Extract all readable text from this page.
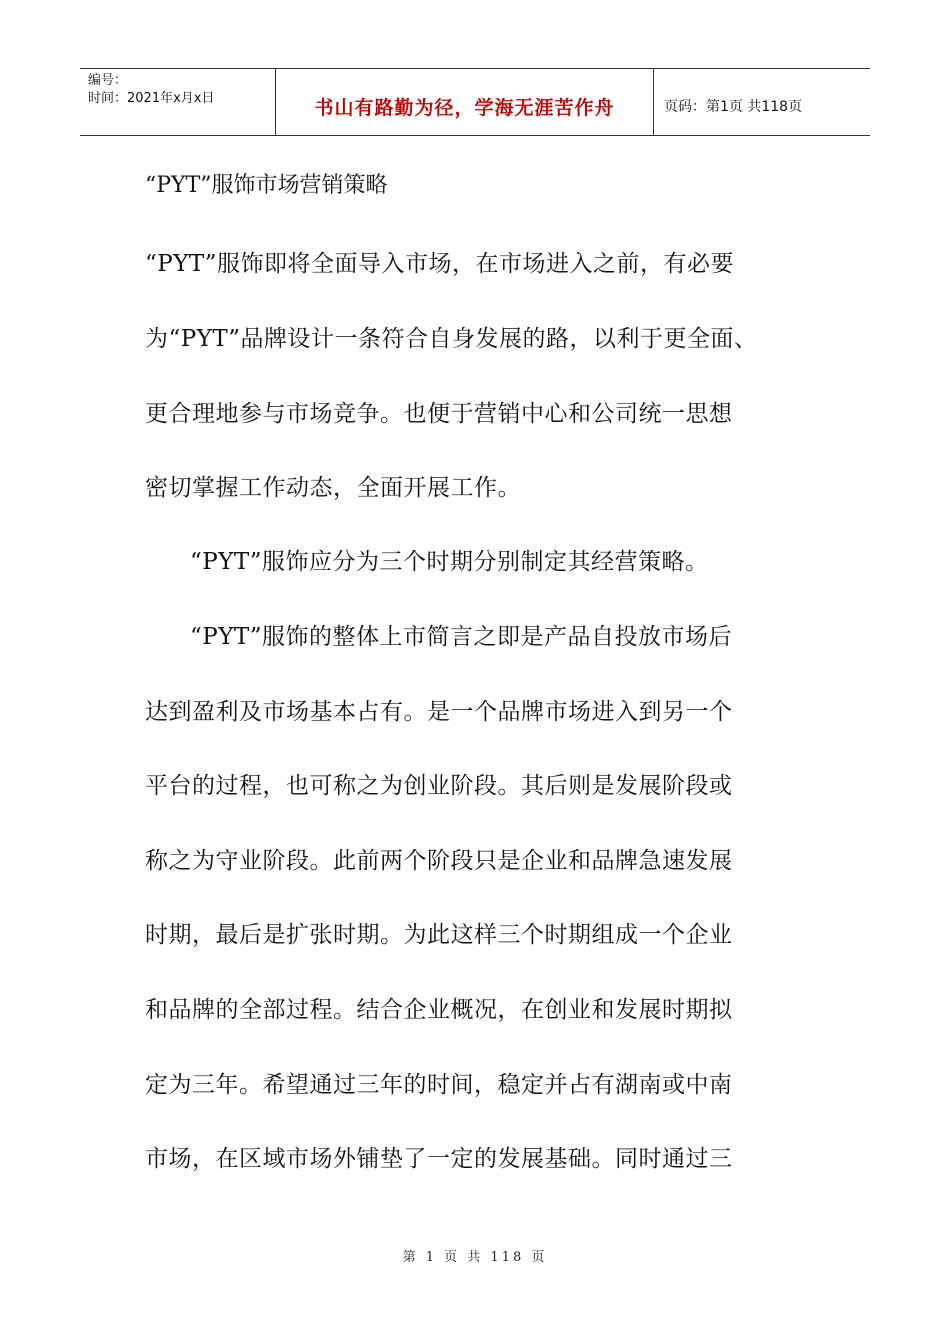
编号：
时间：2021年x月x日	书山有路勤为径，学海无涯苦作舟	页码：第1页 共118页
“PYT”服饰市场营销策略
“PYT”服饰即将全面导入市场，在市场进入之前，有必要
为“PYT”品牌设计一条符合自身发展的路，以利于更全面、
更合理地参与市场竞争。也便于营销中心和公司统一思想
密切掌握工作动态，全面开展工作。
“PYT”服饰应分为三个时期分别制定其经营策略。
“PYT”服饰的整体上市简言之即是产品自投放市场后
达到盈利及市场基本占有。是一个品牌市场进入到另一个
平台的过程，也可称之为创业阶段。其后则是发展阶段或
称之为守业阶段。此前两个阶段只是企业和品牌急速发展
时期，最后是扩张时期。为此这样三个时期组成一个企业
和品牌的全部过程。结合企业概况，在创业和发展时期拟
定为三年。希望通过三年的时间，稳定并占有湖南或中南
市场，在区域市场外铺垫了一定的发展基础。同时通过三
第 1 页 共 118 页
